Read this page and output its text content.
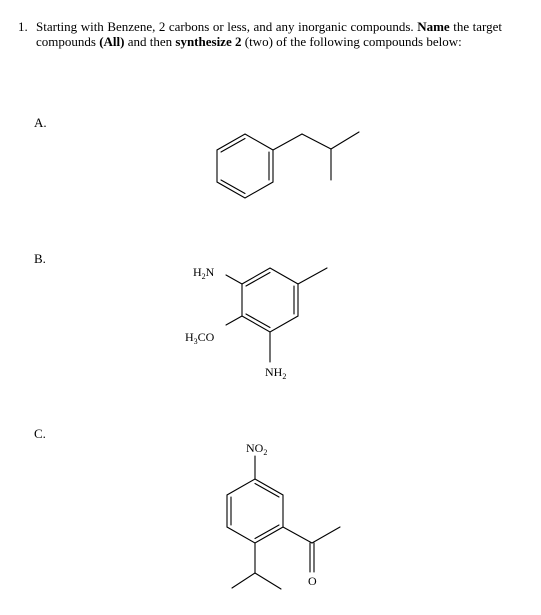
1. Starting with Benzene, 2 carbons or less, and any inorganic compounds. Name the target compounds (All) and then synthesize 2 (two) of the following compounds below:
A.
B.
C.
$H_2N$
$H_3CO$
$NH_2$
$NO_2$
O
